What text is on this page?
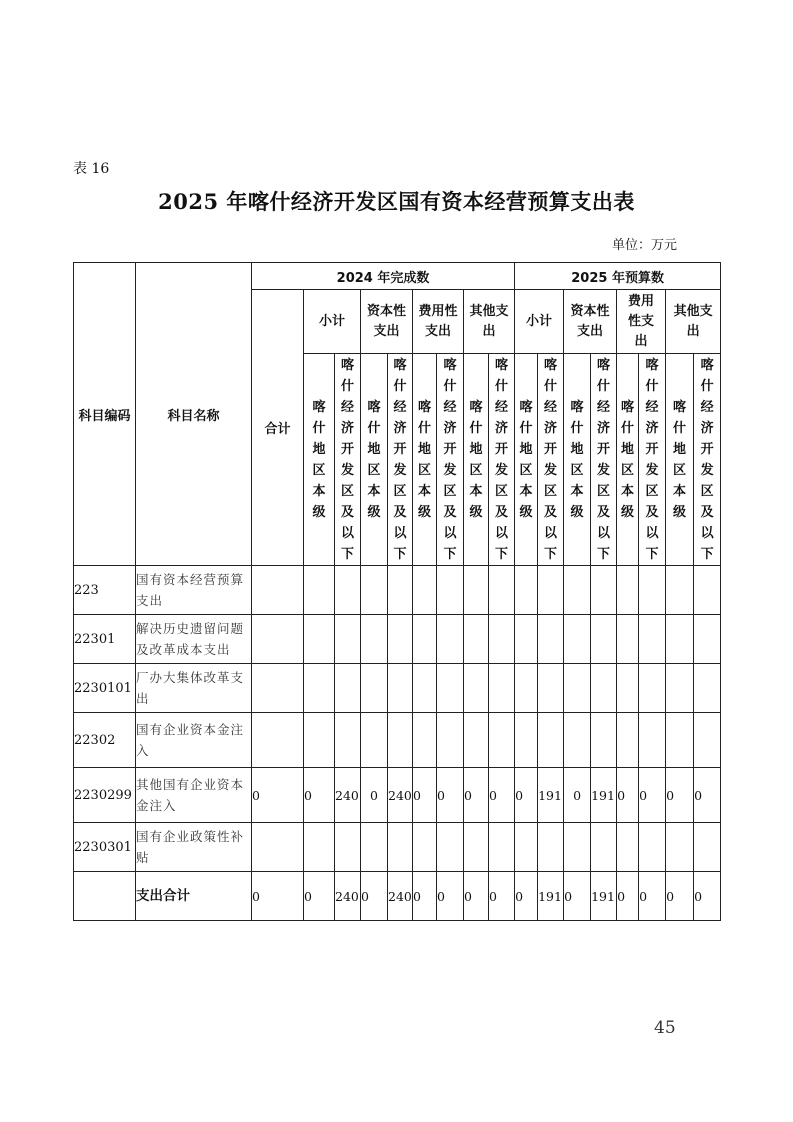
表 16
2025 年喀什经济开发区国有资本经营预算支出表
单位：万元
科目编码	科目名称	2024 年完成数									2025 年预算数							
		合计	小计		资本性支出		费用性支出		其他支出		小计		资本性支出		费用性支出		其他支出	

			喀什地区本级	喀什经济开发区及以下	喀什地区本级	喀什经济开发区及以下	喀什地区本级	喀什经济开发区及以下	喀什地区本级	喀什经济开发区及以下	喀什地区本级	喀什经济开发区及以下	喀什地区本级	喀什经济开发区及以下	喀什地区本级	喀什经济开发区及以下	喀什地区本级	喀什经济开发区及以下

223	国有资本经营预算支出																	
22301	解决历史遗留问题及改革成本支出																	
2230101	厂办大集体改革支出																	
22302	国有企业资本金注入																	
2230299	其他国有企业资本金注入	0	0	240	0	240	0	0	0	0	0	191	0	191	0	0	0	0
2230301	国有企业政策性补贴																	
	支出合计	0	0	240	0	240	0	0	0	0	0	191	0	191	0	0	0	0
45
